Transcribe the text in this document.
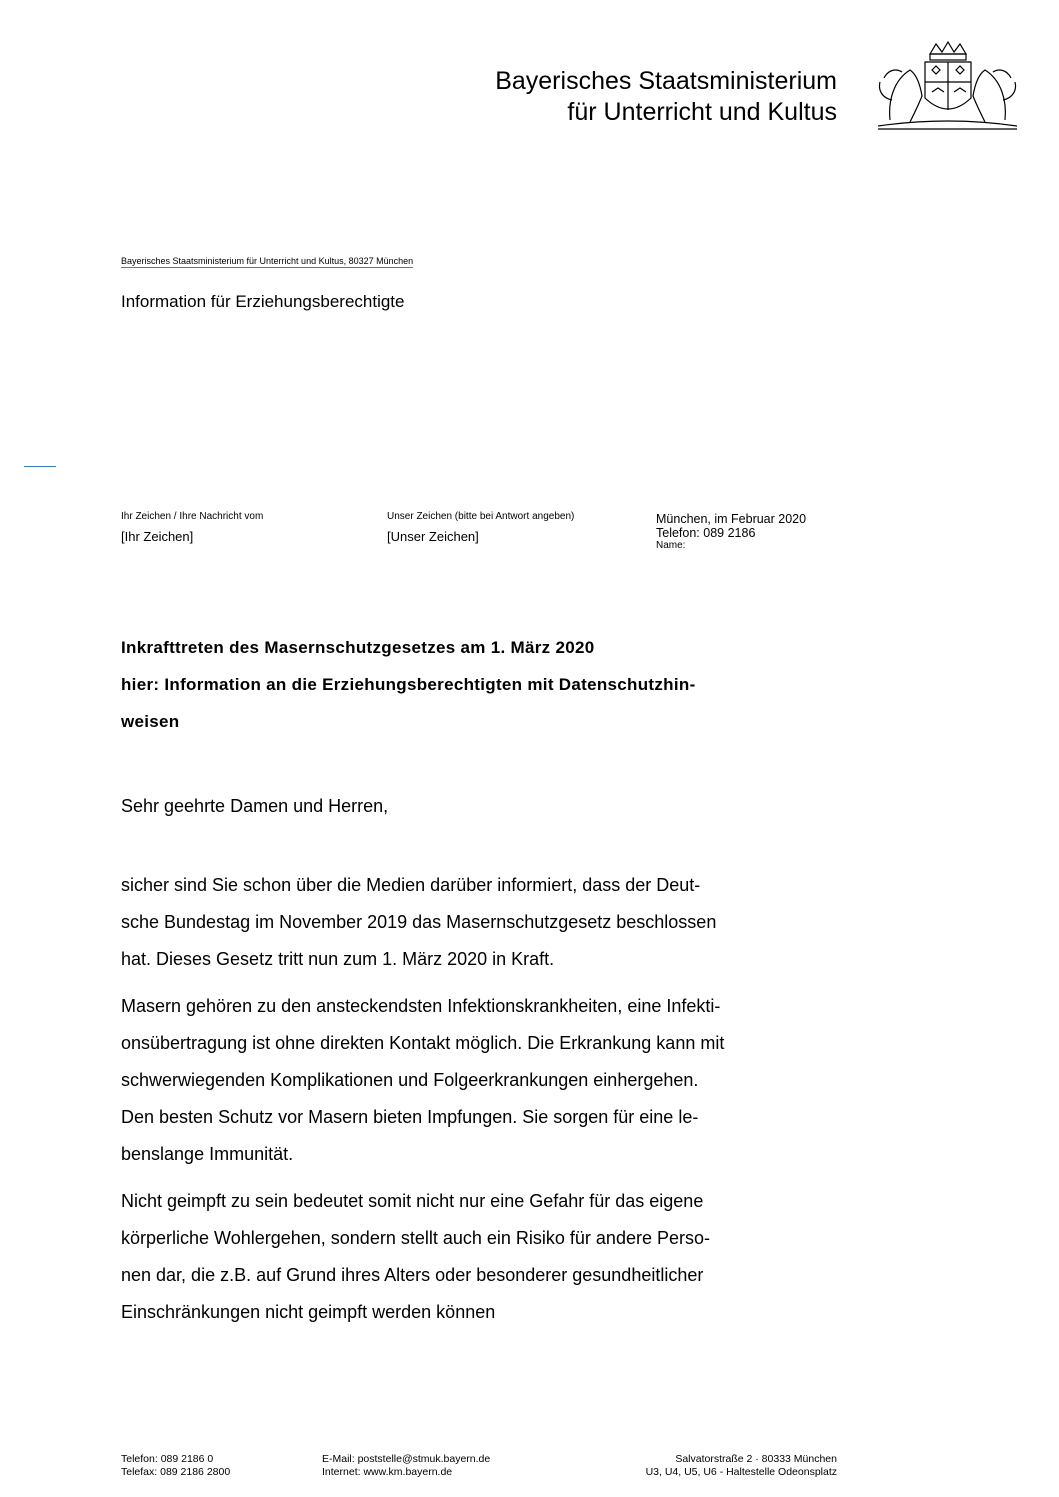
Bayerisches Staatsministerium
für Unterricht und Kultus
Bayerisches Staatsministerium für Unterricht und Kultus, 80327 München
Information für Erziehungsberechtigte
Ihr Zeichen / Ihre Nachricht vom
[Ihr Zeichen]
Unser Zeichen (bitte bei Antwort angeben)
[Unser Zeichen]
München, im Februar 2020
Telefon: 089 2186
Name:
Inkrafttreten des Masernschutzgesetzes am 1. März 2020
hier: Information an die Erziehungsberechtigten mit Datenschutzhin-
weisen
Sehr geehrte Damen und Herren,
sicher sind Sie schon über die Medien darüber informiert, dass der Deut-
sche Bundestag im November 2019 das Masernschutzgesetz beschlossen
hat. Dieses Gesetz tritt nun zum 1. März 2020 in Kraft.
Masern gehören zu den ansteckendsten Infektionskrankheiten, eine Infekti-
onsübertragung ist ohne direkten Kontakt möglich. Die Erkrankung kann mit
schwerwiegenden Komplikationen und Folgeerkrankungen einhergehen.
Den besten Schutz vor Masern bieten Impfungen. Sie sorgen für eine le-
benslange Immunität.
Nicht geimpft zu sein bedeutet somit nicht nur eine Gefahr für das eigene
körperliche Wohlergehen, sondern stellt auch ein Risiko für andere Perso-
nen dar, die z.B. auf Grund ihres Alters oder besonderer gesundheitlicher
Einschränkungen nicht geimpft werden können
Telefon: 089 2186 0
Telefax: 089 2186 2800
E-Mail: poststelle@stmuk.bayern.de
Internet: www.km.bayern.de
Salvatorstraße 2 · 80333 München
U3, U4, U5, U6 - Haltestelle Odeonsplatz
